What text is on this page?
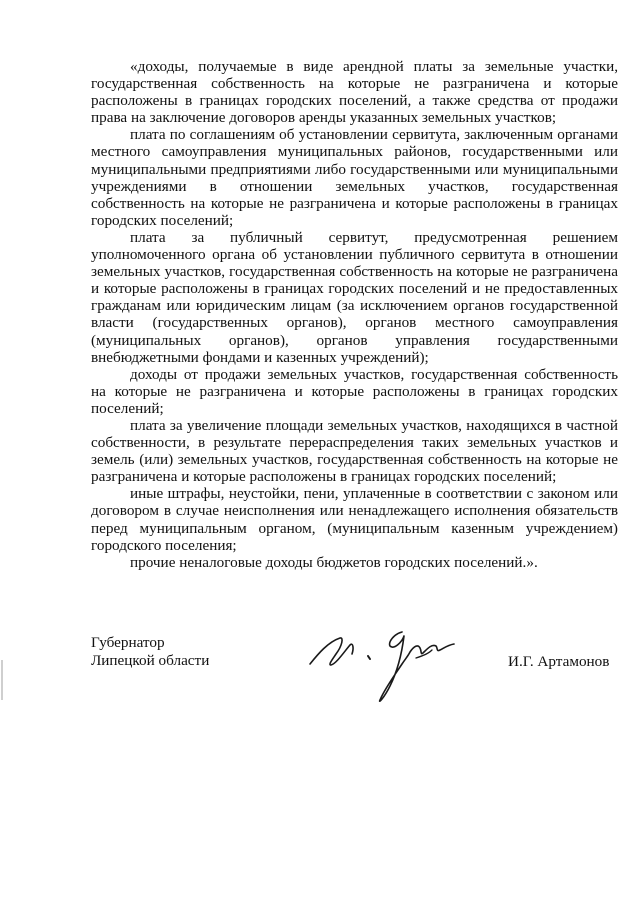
«доходы, получаемые в виде арендной платы за земельные участки, государственная собственность на которые не разграничена и которые расположены в границах городских поселений, а также средства от продажи права на заключение договоров аренды указанных земельных участков;

плата по соглашениям об установлении сервитута, заключенным органами местного самоуправления муниципальных районов, государственными или муниципальными предприятиями либо государственными или муниципальными учреждениями в отношении земельных участков, государственная собственность на которые не разграничена и которые расположены в границах городских поселений;

плата за публичный сервитут, предусмотренная решением уполномоченного органа об установлении публичного сервитута в отношении земельных участков, государственная собственность на которые не разграничена и которые расположены в границах городских поселений и не предоставленных гражданам или юридическим лицам (за исключением органов государственной власти (государственных органов), органов местного самоуправления (муниципальных органов), органов управления государственными внебюджетными фондами и казенных учреждений);

доходы от продажи земельных участков, государственная собственность на которые не разграничена и которые расположены в границах городских поселений;

плата за увеличение площади земельных участков, находящихся в частной собственности, в результате перераспределения таких земельных участков и земель (или) земельных участков, государственная собственность на которые не разграничена и которые расположены в границах городских поселений;

иные штрафы, неустойки, пени, уплаченные в соответствии с законом или договором в случае неисполнения или ненадлежащего исполнения обязательств перед муниципальным органом, (муниципальным казенным учреждением) городского поселения;

прочие неналоговые доходы бюджетов городских поселений.».

Губернатор
Липецкой области	И.Г. Артамонов
